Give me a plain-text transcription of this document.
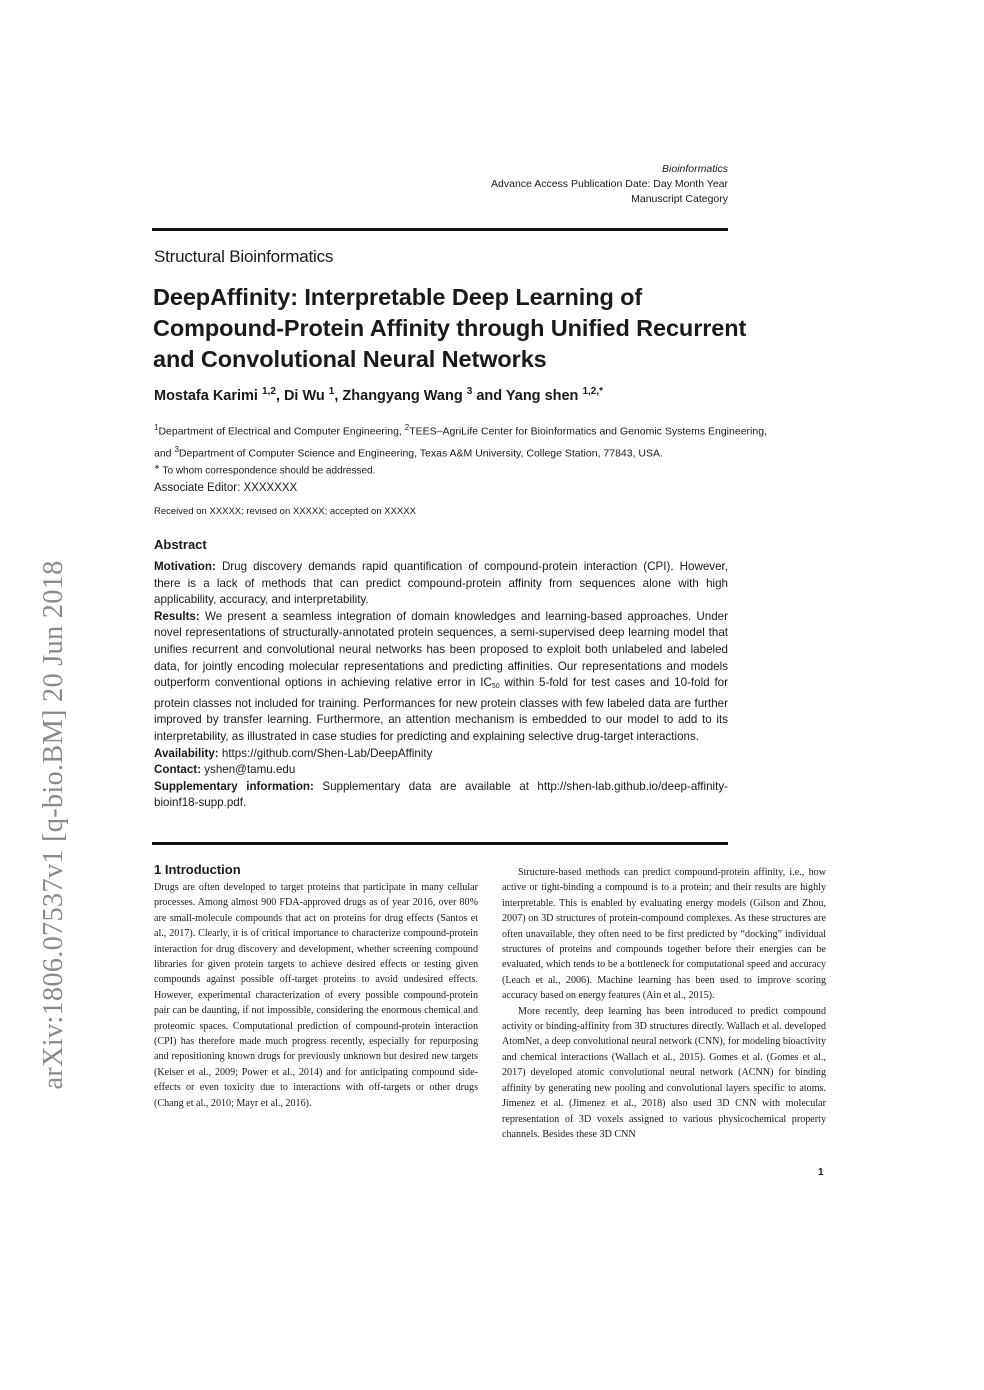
arXiv:1806.07537v1 [q-bio.BM] 20 Jun 2018
Bioinformatics
Advance Access Publication Date: Day Month Year
Manuscript Category
Structural Bioinformatics
DeepAffinity: Interpretable Deep Learning of Compound-Protein Affinity through Unified Recurrent and Convolutional Neural Networks
Mostafa Karimi $^{1,2}$, Di Wu $^1$, Zhangyang Wang $^3$ and Yang shen $^{1,2,*}$
$^1$Department of Electrical and Computer Engineering, $^2$TEES–AgriLife Center for Bioinformatics and Genomic Systems Engineering,
and $^3$Department of Computer Science and Engineering, Texas A&M University, College Station, 77843, USA.
∗ To whom correspondence should be addressed.
Associate Editor: XXXXXXX
Received on XXXXX; revised on XXXXX; accepted on XXXXX
Abstract

Motivation: Drug discovery demands rapid quantification of compound-protein interaction (CPI). However, there is a lack of methods that can predict compound-protein affinity from sequences alone with high applicability, accuracy, and interpretability.

Results: We present a seamless integration of domain knowledges and learning-based approaches. Under novel representations of structurally-annotated protein sequences, a semi-supervised deep learning model that unifies recurrent and convolutional neural networks has been proposed to exploit both unlabeled and labeled data, for jointly encoding molecular representations and predicting affinities. Our representations and models outperform conventional options in achieving relative error in $IC_{50}$ within 5-fold for test cases and 10-fold for protein classes not included for training. Performances for new protein classes with few labeled data are further improved by transfer learning. Furthermore, an attention mechanism is embedded to our model to add to its interpretability, as illustrated in case studies for predicting and explaining selective drug-target interactions.

Availability: https://github.com/Shen-Lab/DeepAffinity

Contact: yshen@tamu.edu

Supplementary information: Supplementary data are available at http://shen-lab.github.io/deep-affinity-bioinf18-supp.pdf.

1 Introduction

Drugs are often developed to target proteins that participate in many cellular processes. Among almost 900 FDA-approved drugs as of year 2016, over 80% are small-molecule compounds that act on proteins for drug effects (Santos et al., 2017). Clearly, it is of critical importance to characterize compound-protein interaction for drug discovery and development, whether screening compound libraries for given protein targets to achieve desired effects or testing given compounds against possible off-target proteins to avoid undesired effects. However, experimental characterization of every possible compound-protein pair can be daunting, if not impossible, considering the enormous chemical and proteomic spaces. Computational prediction of compound-protein interaction (CPI) has therefore made much progress recently, especially for repurposing and repositioning known drugs for previously unknown but desired new targets (Keiser et al., 2009; Power et al., 2014) and for anticipating compound side-effects or even toxicity due to interactions with off-targets or other drugs (Chang et al., 2010; Mayr et al., 2016).

Structure-based methods can predict compound-protein affinity, i.e., how active or tight-binding a compound is to a protein; and their results are highly interpretable. This is enabled by evaluating energy models (Gilson and Zhou, 2007) on 3D structures of protein-compound complexes. As these structures are often unavailable, they often need to be first predicted by “docking” individual structures of proteins and compounds together before their energies can be evaluated, which tends to be a bottleneck for computational speed and accuracy (Leach et al., 2006). Machine learning has been used to improve scoring accuracy based on energy features (Ain et al., 2015).

More recently, deep learning has been introduced to predict compound activity or binding-affinity from 3D structures directly. Wallach et al. developed AtomNet, a deep convolutional neural network (CNN), for modeling bioactivity and chemical interactions (Wallach et al., 2015). Gomes et al. (Gomes et al., 2017) developed atomic convolutional neural network (ACNN) for binding affinity by generating new pooling and convolutional layers specific to atoms. Jimenez et al. (Jimenez et al., 2018) also used 3D CNN with molecular representation of 3D voxels assigned to various physicochemical property channels. Besides these 3D CNN

1
